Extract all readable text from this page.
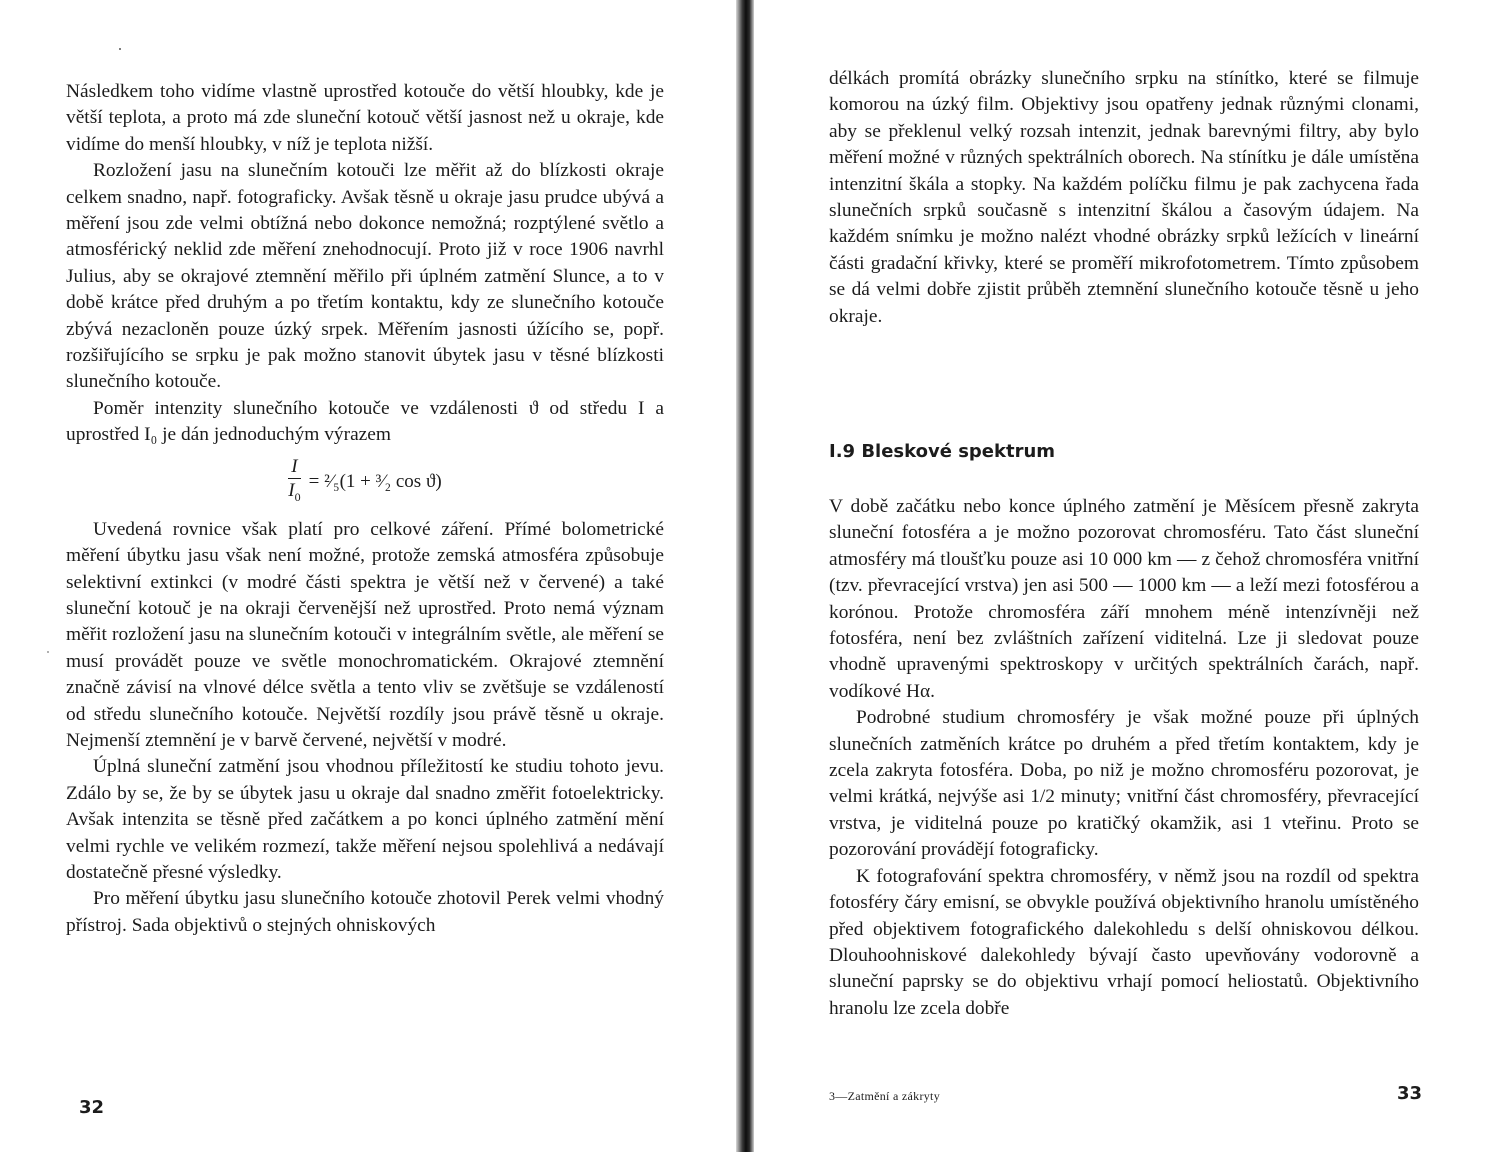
Následkem toho vidíme vlastně uprostřed kotouče do větší hloubky, kde je větší teplota, a proto má zde sluneční kotouč větší jasnost než u okraje, kde vidíme do menší hloubky, v níž je teplota nižší.

Rozložení jasu na slunečním kotouči lze měřit až do blízkosti okraje celkem snadno, např. fotograficky. Avšak těsně u okraje jasu prudce ubývá a měření jsou zde velmi obtížná nebo dokonce nemožná; rozptýlené světlo a atmosférický neklid zde měření znehodnocují. Proto již v roce 1906 navrhl Julius, aby se okrajové ztemnění měřilo při úplném zatmění Slunce, a to v době krátce před druhým a po třetím kontaktu, kdy ze slunečního kotouče zbývá nezacloněn pouze úzký srpek. Měřením jasnosti úžícího se, popř. rozšiřujícího se srpku je pak možno stanovit úbytek jasu v těsné blízkosti slunečního kotouče.

Poměr intenzity slunečního kotouče ve vzdálenosti ϑ od středu I a uprostřed I₀ je dán jednoduchým výrazem

$\frac{I}{I_0}$ = ²⁄₅(1 + ³⁄₂ cos ϑ)

Uvedená rovnice však platí pro celkové záření. Přímé bolometrické měření úbytku jasu však není možné, protože zemská atmosféra způsobuje selektivní extinkci (v modré části spektra je větší než v červené) a také sluneční kotouč je na okraji červenější než uprostřed. Proto nemá význam měřit rozložení jasu na slunečním kotouči v integrálním světle, ale měření se musí provádět pouze ve světle monochromatickém. Okrajové ztemnění značně závisí na vlnové délce světla a tento vliv se zvětšuje se vzdáleností od středu slunečního kotouče. Největší rozdíly jsou právě těsně u okraje. Nejmenší ztemnění je v barvě červené, největší v modré.

Úplná sluneční zatmění jsou vhodnou příležitostí ke studiu tohoto jevu. Zdálo by se, že by se úbytek jasu u okraje dal snadno změřit fotoelektricky. Avšak intenzita se těsně před začátkem a po konci úplného zatmění mění velmi rychle ve velikém rozmezí, takže měření nejsou spolehlivá a nedávají dostatečně přesné výsledky.

Pro měření úbytku jasu slunečního kotouče zhotovil Perek velmi vhodný přístroj. Sada objektivů o stejných ohniskových

32

délkách promítá obrázky slunečního srpku na stínítko, které se filmuje komorou na úzký film. Objektivy jsou opatřeny jednak různými clonami, aby se překlenul velký rozsah intenzit, jednak barevnými filtry, aby bylo měření možné v různých spektrálních oborech. Na stínítku je dále umístěna intenzitní škála a stopky. Na každém políčku filmu je pak zachycena řada slunečních srpků současně s intenzitní škálou a časovým údajem. Na každém snímku je možno nalézt vhodné obrázky srpků ležících v lineární části gradační křivky, které se proměří mikrofotometrem. Tímto způsobem se dá velmi dobře zjistit průběh ztemnění slunečního kotouče těsně u jeho okraje.

I.9 Bleskové spektrum

V době začátku nebo konce úplného zatmění je Měsícem přesně zakryta sluneční fotosféra a je možno pozorovat chromosféru. Tato část sluneční atmosféry má tloušťku pouze asi 10 000 km — z čehož chromosféra vnitřní (tzv. převracející vrstva) jen asi 500 — 1000 km — a leží mezi fotosférou a korónou. Protože chromosféra září mnohem méně intenzívněji než fotosféra, není bez zvláštních zařízení viditelná. Lze ji sledovat pouze vhodně upravenými spektroskopy v určitých spektrálních čarách, např. vodíkové Hα.

Podrobné studium chromosféry je však možné pouze při úplných slunečních zatměních krátce po druhém a před třetím kontaktem, kdy je zcela zakryta fotosféra. Doba, po niž je možno chromosféru pozorovat, je velmi krátká, nejvýše asi 1/2 minuty; vnitřní část chromosféry, převracející vrstva, je viditelná pouze po kratičký okamžik, asi 1 vteřinu. Proto se pozorování provádějí fotograficky.

K fotografování spektra chromosféry, v němž jsou na rozdíl od spektra fotosféry čáry emisní, se obvykle používá objektivního hranolu umístěného před objektivem fotografického dalekohledu s delší ohniskovou délkou. Dlouhoohniskové dalekohledy bývají často upevňovány vodorovně a sluneční paprsky se do objektivu vrhají pomocí heliostatů. Objektivního hranolu lze zcela dobře

3—Zatmění a zákryty	33
